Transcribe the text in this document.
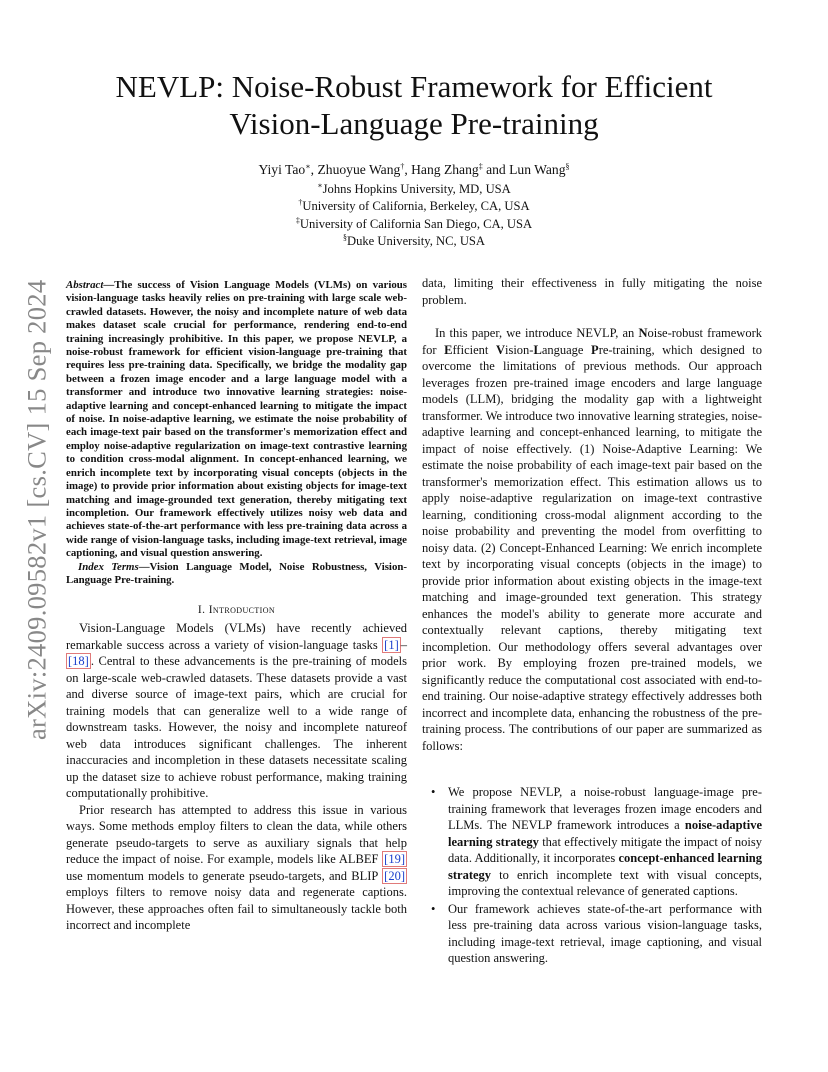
arXiv:2409.09582v1 [cs.CV] 15 Sep 2024
NEVLP: Noise-Robust Framework for Efficient
Vision-Language Pre-training
Yiyi Tao∗, Zhuoyue Wang†, Hang Zhang‡ and Lun Wang§
∗Johns Hopkins University, MD, USA
†University of California, Berkeley, CA, USA
‡University of California San Diego, CA, USA
§Duke University, NC, USA

Abstract—The success of Vision Language Models (VLMs) on various vision-language tasks heavily relies on pre-training with large scale web-crawled datasets. However, the noisy and incomplete nature of web data makes dataset scale crucial for performance, rendering end-to-end training increasingly prohibitive. In this paper, we propose NEVLP, a noise-robust framework for efficient vision-language pre-training that requires less pre-training data. Specifically, we bridge the modality gap between a frozen image encoder and a large language model with a transformer and introduce two innovative learning strategies: noise-adaptive learning and concept-enhanced learning to mitigate the impact of noise. In noise-adaptive learning, we estimate the noise probability of each image-text pair based on the transformer's memorization effect and employ noise-adaptive regularization on image-text contrastive learning to condition cross-modal alignment. In concept-enhanced learning, we enrich incomplete text by incorporating visual concepts (objects in the image) to provide prior information about existing objects for image-text matching and image-grounded text generation, thereby mitigating text incompletion. Our framework effectively utilizes noisy web data and achieves state-of-the-art performance with less pre-training data across a wide range of vision-language tasks, including image-text retrieval, image captioning, and visual question answering.

Index Terms—Vision Language Model, Noise Robustness, Vision-Language Pre-training.

I. Introduction

Vision-Language Models (VLMs) have recently achieved remarkable success across a variety of vision-language tasks [1] –[18] . Central to these advancements is the pre-training of models on large-scale web-crawled datasets. These datasets provide a vast and diverse source of image-text pairs, which are crucial for training models that can generalize well to a wide range of downstream tasks. However, the noisy and incomplete natureof web data introduces significant challenges. The inherent inaccuracies and incompletion in these datasets necessitate scaling up the dataset size to achieve robust performance, making training computationally prohibitive.

Prior research has attempted to address this issue in various ways. Some methods employ filters to clean the data, while others generate pseudo-targets to serve as auxiliary signals that help reduce the impact of noise. For example, models like ALBEF [19] use momentum models to generate pseudo-targets, and BLIP [20] employs filters to remove noisy data and regenerate captions. However, these approaches often fail to simultaneously tackle both incorrect and incomplete

data, limiting their effectiveness in fully mitigating the noise problem.

In this paper, we introduce NEVLP, an Noise-robust framework for Efficient Vision-Language Pre-training, which designed to overcome the limitations of previous methods. Our approach leverages frozen pre-trained image encoders and large language models (LLM), bridging the modality gap with a lightweight transformer. We introduce two innovative learning strategies, noise-adaptive learning and concept-enhanced learning, to mitigate the impact of noise effectively. (1) Noise-Adaptive Learning: We estimate the noise probability of each image-text pair based on the transformer's memorization effect. This estimation allows us to apply noise-adaptive regularization on image-text contrastive learning, conditioning cross-modal alignment according to the noise probability and preventing the model from overfitting to noisy data. (2) Concept-Enhanced Learning: We enrich incomplete text by incorporating visual concepts (objects in the image) to provide prior information about existing objects in the image-text matching and image-grounded text generation. This strategy enhances the model's ability to generate more accurate and contextually relevant captions, thereby mitigating text incompletion. Our methodology offers several advantages over prior work. By employing frozen pre-trained models, we significantly reduce the computational cost associated with end-to-end training. Our noise-adaptive strategy effectively addresses both incorrect and incomplete data, enhancing the robustness of the pre-training process. The contributions of our paper are summarized as follows:

• We propose NEVLP, a noise-robust language-image pre-training framework that leverages frozen image encoders and LLMs. The NEVLP framework introduces a noise-adaptive learning strategy that effectively mitigate the impact of noisy data. Additionally, it incorporates concept-enhanced learning strategy to enrich incomplete text with visual concepts, improving the contextual relevance of generated captions.
• Our framework achieves state-of-the-art performance with less pre-training data across various vision-language tasks, including image-text retrieval, image captioning, and visual question answering.
